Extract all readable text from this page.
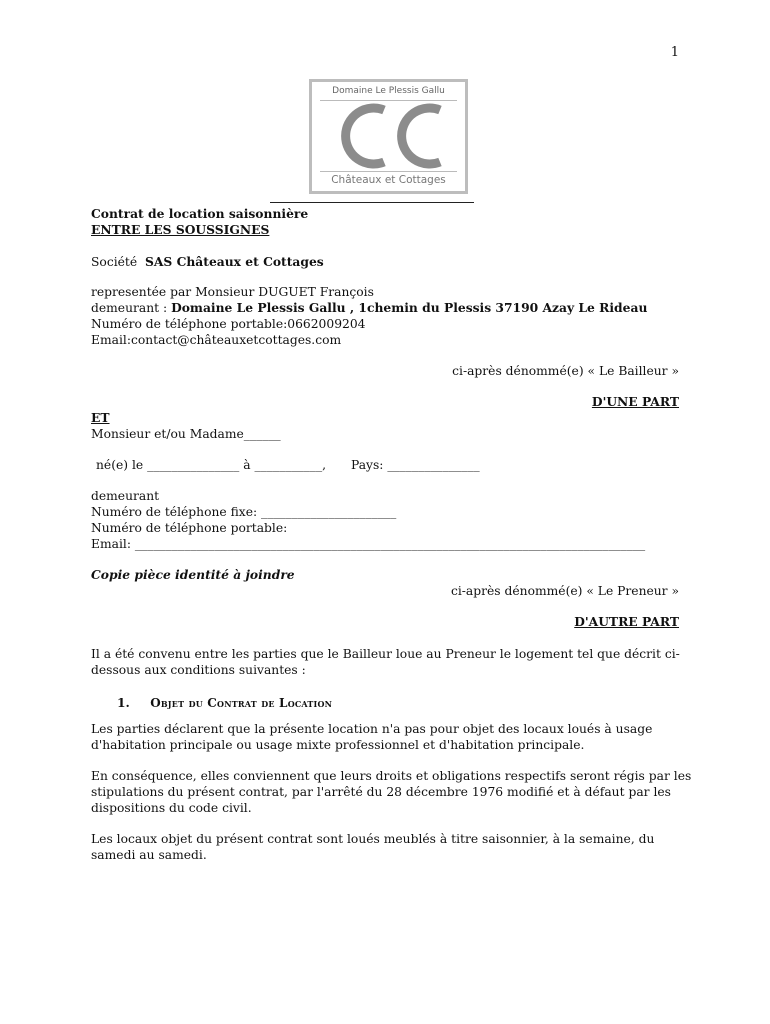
1
Domaine Le Plessis Gallu
Châteaux et Cottages
Contrat de location saisonnière
ENTRE LES SOUSSIGNES
Société SAS Châteaux et Cottages
representée par Monsieur DUGUET François
demeurant : Domaine Le Plessis Gallu , 1chemin du Plessis 37190 Azay Le Rideau
Numéro de téléphone portable:0662009204
Email:contact@châteauxetcottages.com
ci-après dénommé(e) « Le Bailleur »
D'UNE PART
ET
Monsieur et/ou Madame______
né(e) le _______________ à ___________, Pays: _______________
demeurant
Numéro de téléphone fixe: ______________________
Numéro de téléphone portable:
Email: ___________________________________________________________________________________
Copie pièce identité à joindre
ci-après dénommé(e) « Le Preneur »
D'AUTRE PART
Il a été convenu entre les parties que le Bailleur loue au Preneur le logement tel que décrit ci-
dessous aux conditions suivantes :
1. Objet du Contrat de Location
Les parties déclarent que la présente location n'a pas pour objet des locaux loués à usage
d'habitation principale ou usage mixte professionnel et d'habitation principale.
En conséquence, elles conviennent que leurs droits et obligations respectifs seront régis par les
stipulations du présent contrat, par l'arrêté du 28 décembre 1976 modifié et à défaut par les
dispositions du code civil.
Les locaux objet du présent contrat sont loués meublés à titre saisonnier, à la semaine, du
samedi au samedi.
